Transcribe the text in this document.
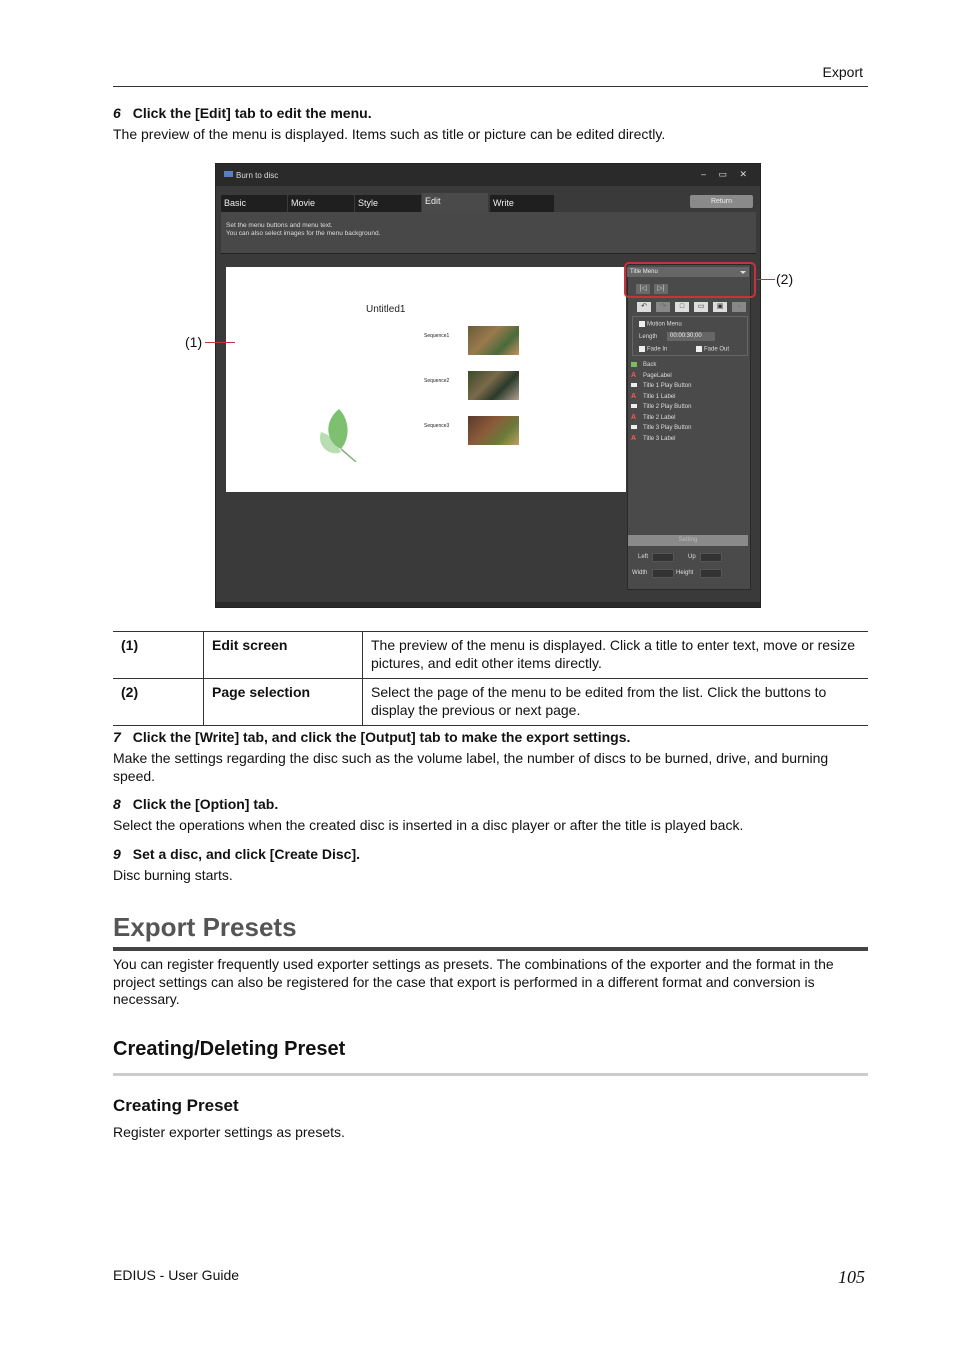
Export
6 Click the [Edit] tab to edit the menu.
The preview of the menu is displayed. Items such as title or picture can be edited directly.
Burn to disc	– ▭ ✕
Basic	Movie	Style	Edit	Write	Return
Set the menu buttons and menu text.
You can also select images for the menu background.
Untitled1
Sequence1
Sequence2
Sequence3
Title Menu
|◁	▷|
↶	↷	□	▭	▣	▫
Motion Menu
Length	00:00:30;00
Fade In	Fade Out
Back
A PageLabel
Title 1 Play Button
A Title 1 Label
Title 2 Play Button
A Title 2 Label
Title 3 Play Button
A Title 3 Label
Setting
Left	Up
Width	Height
(1)
(2)
(1)	Edit screen	The preview of the menu is displayed. Click a title to enter text, move or resize pictures, and edit other items directly.
(2)	Page selection	Select the page of the menu to be edited from the list. Click the buttons to display the previous or next page.
7 Click the [Write] tab, and click the [Output] tab to make the export settings.
Make the settings regarding the disc such as the volume label, the number of discs to be burned, drive, and burning speed.
8 Click the [Option] tab.
Select the operations when the created disc is inserted in a disc player or after the title is played back.
9 Set a disc, and click [Create Disc].
Disc burning starts.
Export Presets
You can register frequently used exporter settings as presets. The combinations of the exporter and the format in the project settings can also be registered for the case that export is performed in a different format and conversion is necessary.
Creating/Deleting Preset
Creating Preset
Register exporter settings as presets.
EDIUS - User Guide	105
